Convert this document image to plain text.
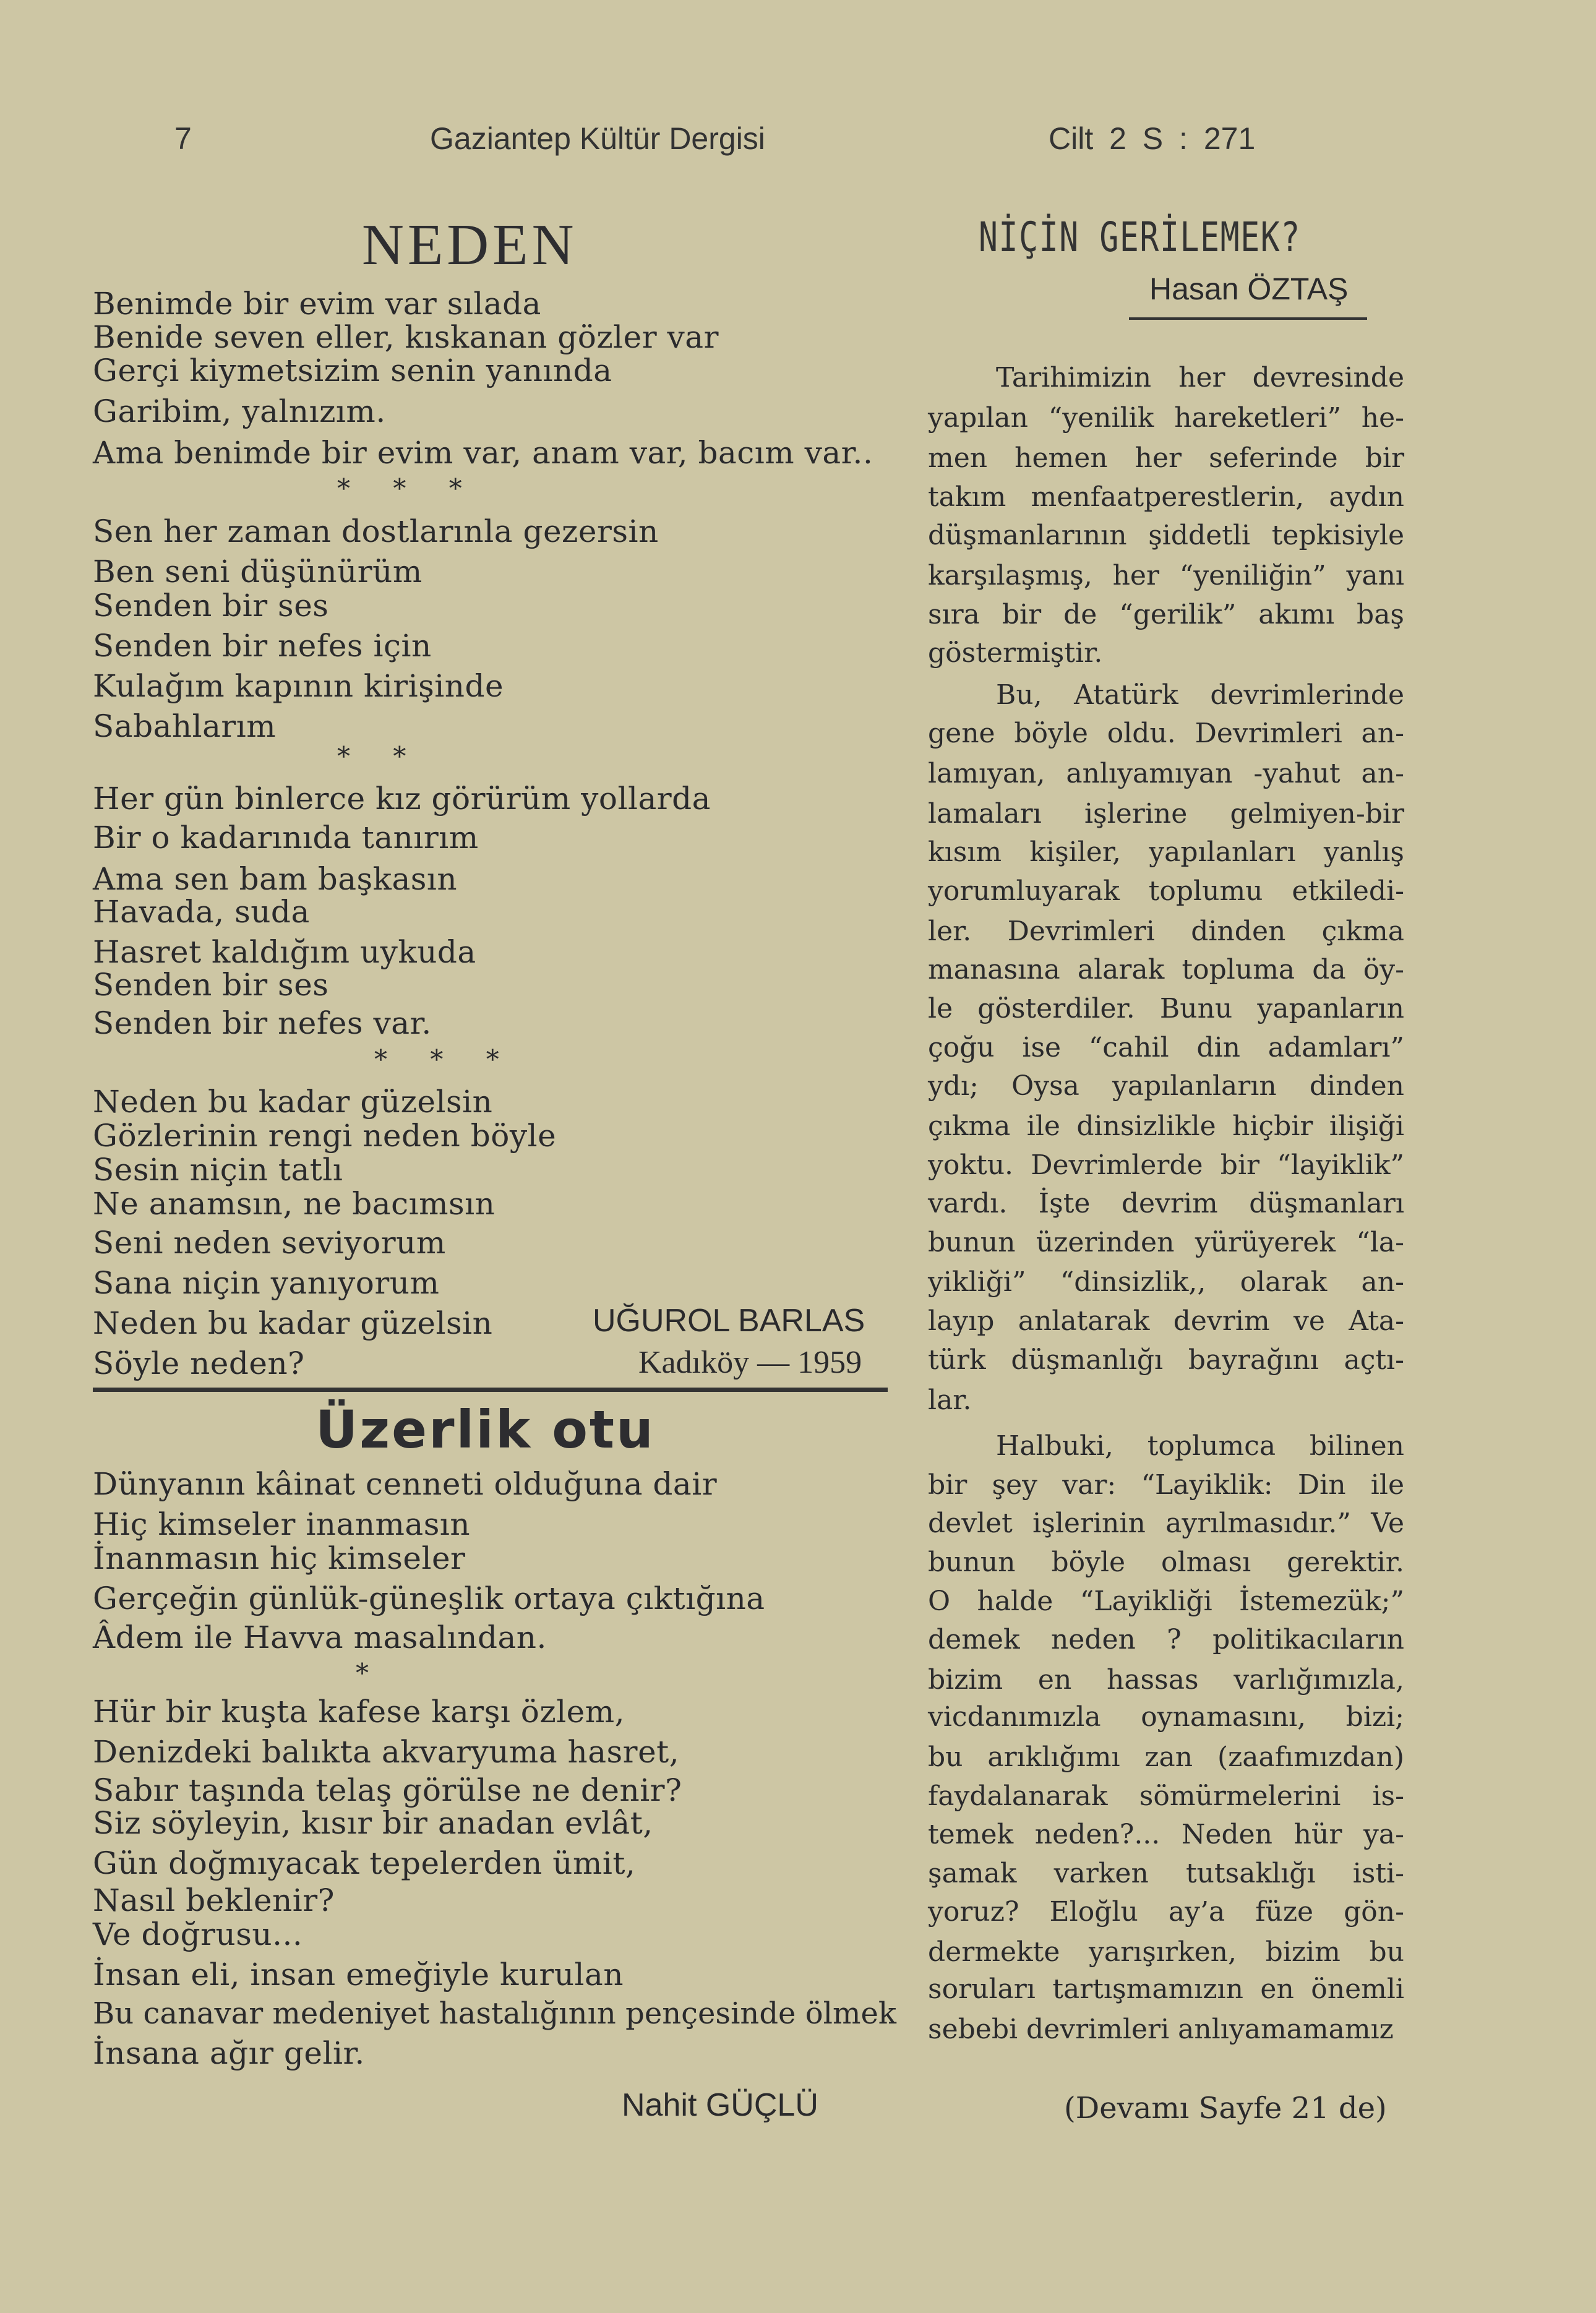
7	Gaziantep Kültür Dergisi	Cilt 2 S : 271
NEDEN
Benimde bir evim var sılada
Benide seven eller, kıskanan gözler var
Gerçi kiymetsizim senin yanında
Garibim, yalnızım.
Ama benimde bir evim var, anam var, bacım var..
* * *
Sen her zaman dostlarınla gezersin
Ben seni düşünürüm
Senden bir ses
Senden bir nefes için
Kulağım kapının kirişinde
Sabahlarım
* *
Her gün binlerce kız görürüm yollarda
Bir o kadarınıda tanırım
Ama sen bam başkasın
Havada, suda
Hasret kaldığım uykuda
Senden bir ses
Senden bir nefes var.
* * *
Neden bu kadar güzelsin
Gözlerinin rengi neden böyle
Sesin niçin tatlı
Ne anamsın, ne bacımsın
Seni neden seviyorum
Sana niçin yanıyorum
Neden bu kadar güzelsin
Söyle neden?
UĞUROL BARLAS
Kadıköy — 1959
Üzerlik otu
Dünyanın kâinat cenneti olduğuna dair
Hiç kimseler inanmasın
İnanmasın hiç kimseler
Gerçeğin günlük-güneşlik ortaya çıktığına
Âdem ile Havva masalından.
*
Hür bir kuşta kafese karşı özlem,
Denizdeki balıkta akvaryuma hasret,
Sabır taşında telaş görülse ne denir?
Siz söyleyin, kısır bir anadan evlât,
Gün doğmıyacak tepelerden ümit,
Nasıl beklenir?
Ve doğrusu...
İnsan eli, insan emeğiyle kurulan
Bu canavar medeniyet hastalığının pençesinde ölmek
İnsana ağır gelir.
Nahit GÜÇLÜ
NİÇİN GERİLEMEK?
Hasan ÖZTAŞ
Tarihimizin her devresinde
yapılan “yenilik hareketleri” he-
men hemen her seferinde bir
takım menfaatperestlerin, aydın
düşmanlarının şiddetli tepkisiyle
karşılaşmış, her “yeniliğin” yanı
sıra bir de “gerilik” akımı baş
göstermiştir.
Bu, Atatürk devrimlerinde
gene böyle oldu. Devrimleri an-
lamıyan, anlıyamıyan -yahut an-
lamaları işlerine gelmiyen-bir
kısım kişiler, yapılanları yanlış
yorumluyarak toplumu etkiledi-
ler. Devrimleri dinden çıkma
manasına alarak topluma da öy-
le gösterdiler. Bunu yapanların
çoğu ise “cahil din adamları”
ydı; Oysa yapılanların dinden
çıkma ile dinsizlikle hiçbir ilişiği
yoktu. Devrimlerde bir “layiklik”
vardı. İşte devrim düşmanları
bunun üzerinden yürüyerek “la-
yikliği” “dinsizlik,, olarak an-
layıp anlatarak devrim ve Ata-
türk düşmanlığı bayrağını açtı-
lar.
Halbuki, toplumca bilinen
bir şey var: “Layiklik: Din ile
devlet işlerinin ayrılmasıdır.” Ve
bunun böyle olması gerektir.
O halde “Layikliği İstemezük;”
demek neden ? politikacıların
bizim en hassas varlığımızla,
vicdanımızla oynamasını, bizi;
bu arıklığımı zan (zaafımızdan)
faydalanarak sömürmelerini is-
temek neden?... Neden hür ya-
şamak varken tutsaklığı isti-
yoruz? Eloğlu ay’a füze gön-
dermekte yarışırken, bizim bu
soruları tartışmamızın en önemli
sebebi devrimleri anlıyamamamız
(Devamı Sayfe 21 de)
